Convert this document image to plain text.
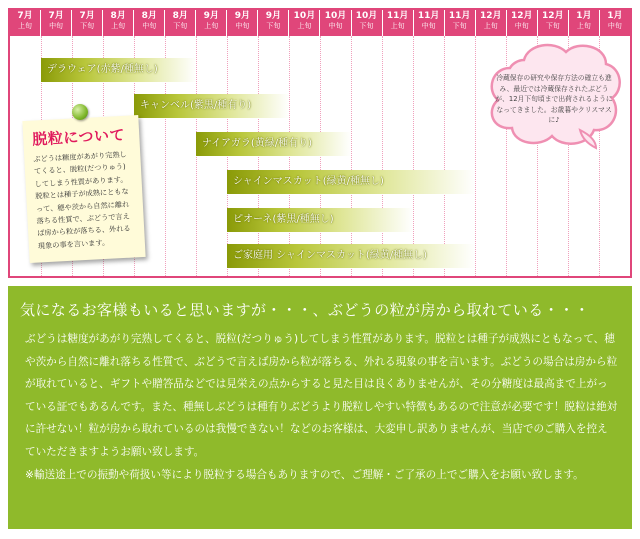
7月
上旬
7月
中旬
7月
下旬
8月
上旬
8月
中旬
8月
下旬
9月
上旬
9月
中旬
9月
下旬
10月
上旬
10月
中旬
10月
下旬
11月
上旬
11月
中旬
11月
下旬
12月
上旬
12月
中旬
12月
下旬
1月
上旬
1月
中旬
デラウェア(赤紫/種無し)
キャンベル(紫黒/種有り)
ナイアガラ(黄緑/種有り)
シャインマスカット(緑黄/種無し)
ピオーネ(紫黒/種無し)
ご家庭用 シャインマスカット(緑黄/種無し)
脱粒について
ぶどうは糖度があがり完熟してくると、脱粒(だつりゅう)してしまう性質があります。脱粒とは種子が成熟にともなって、穂や茨から自然に離れ落ちる性質で、ぶどうで言えば房から粒が落ちる、外れる現象の事を言います。
冷蔵保存の研究や保存方法の確立も進み、最近では冷蔵保存されたぶどうが、12月下旬頃まで出荷されるようになってきました。お歳暮やクリスマスに♪
気になるお客様もいると思いますが・・・、ぶどうの粒が房から取れている・・・
ぶどうは糖度があがり完熟してくると、脱粒(だつりゅう)してしまう性質があります。脱粒とは種子が成熟にともなって、穂や茨から自然に離れ落ちる性質で、ぶどうで言えば房から粒が落ちる、外れる現象の事を言います。ぶどうの場合は房から粒が取れていると、ギフトや贈答品などでは見栄えの点からすると見た目は良くありませんが、その分糖度は最高まで上がっている証でもあるんです。また、種無しぶどうは種有りぶどうより脱粒しやすい特徴もあるので注意が必要です！脱粒は絶対に許せない！粒が房から取れているのは我慢できない！などのお客様は、大変申し訳ありませんが、当店でのご購入を控えていただきますようお願い致します。
※輸送途上での振動や荷扱い等により脱粒する場合もありますので、ご理解・ご了承の上でご購入をお願い致します。
